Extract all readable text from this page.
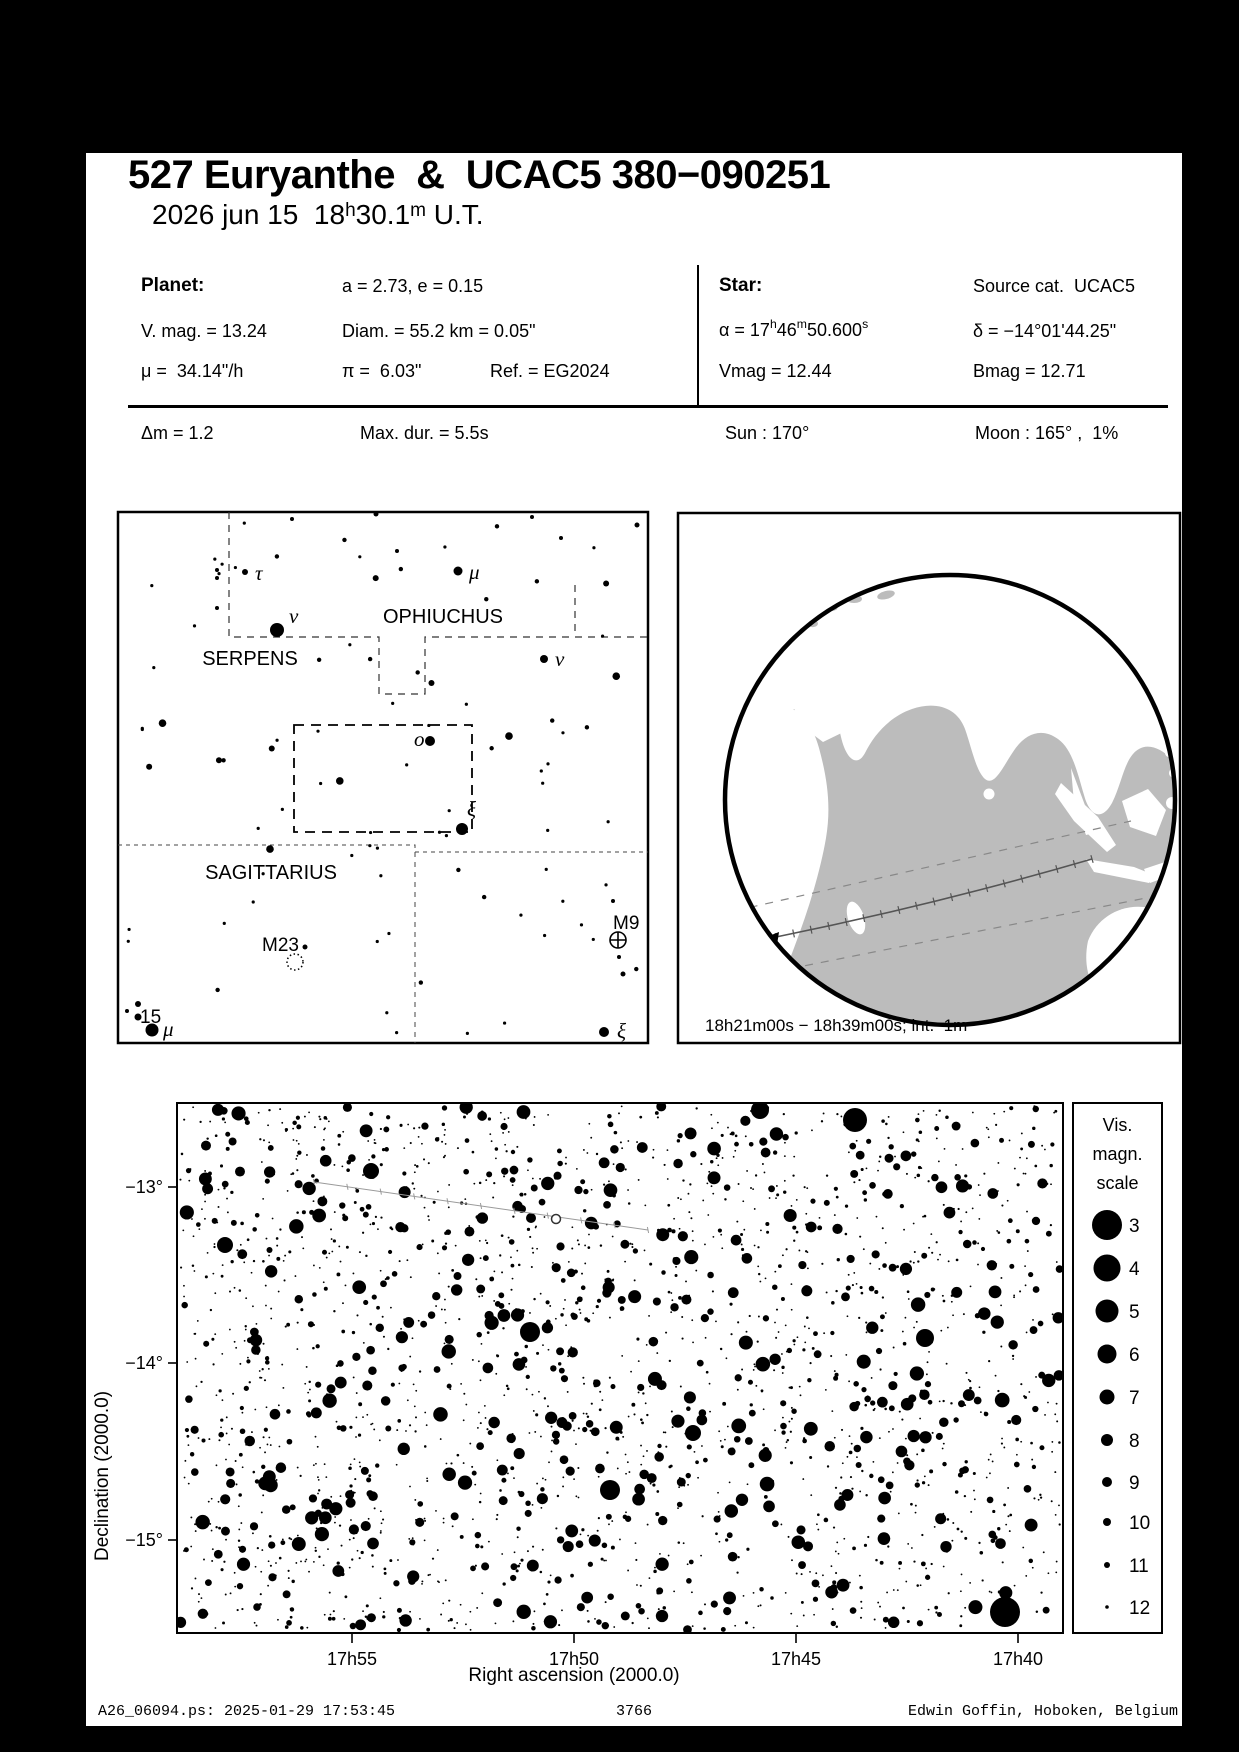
527 Euryanthe  &  UCAC5 380−090251
2026 jun 15  18$^h$30.1$^m$ U.T.
Planet:	a = 2.73, e = 0.15
V. mag. = 13.24	Diam. = 55.2 km = 0.05"
μ =  34.14"/h	π =  6.03"	Ref. = EG2024
Star:	Source cat.  UCAC5
$\alpha = 17^h46^m50.600^s$	δ = −14°01'44.25"
Vmag = 12.44	Bmag = 12.71
Δm = 1.2	Max. dur. = 5.5s	Sun : 170°	Moon : 165° ,  1%
τ	μ
ν
ν
o
ξ
ξ
μ
15
M23
M9
OPHIUCHUS
SERPENS
SAGITTARIUS
−13°
−14°
−15°
17h55	17h50	17h45	17h40
3
4
5
6
7
8
9
10
11
12
18h21m00s − 18h39m00s; int.  1m
Declination (2000.0)
Right ascension (2000.0)
Vis.
magn.
scale
A26_06094.ps: 2025-01-29 17:53:45	3766	Edwin Goffin, Hoboken, Belgium
